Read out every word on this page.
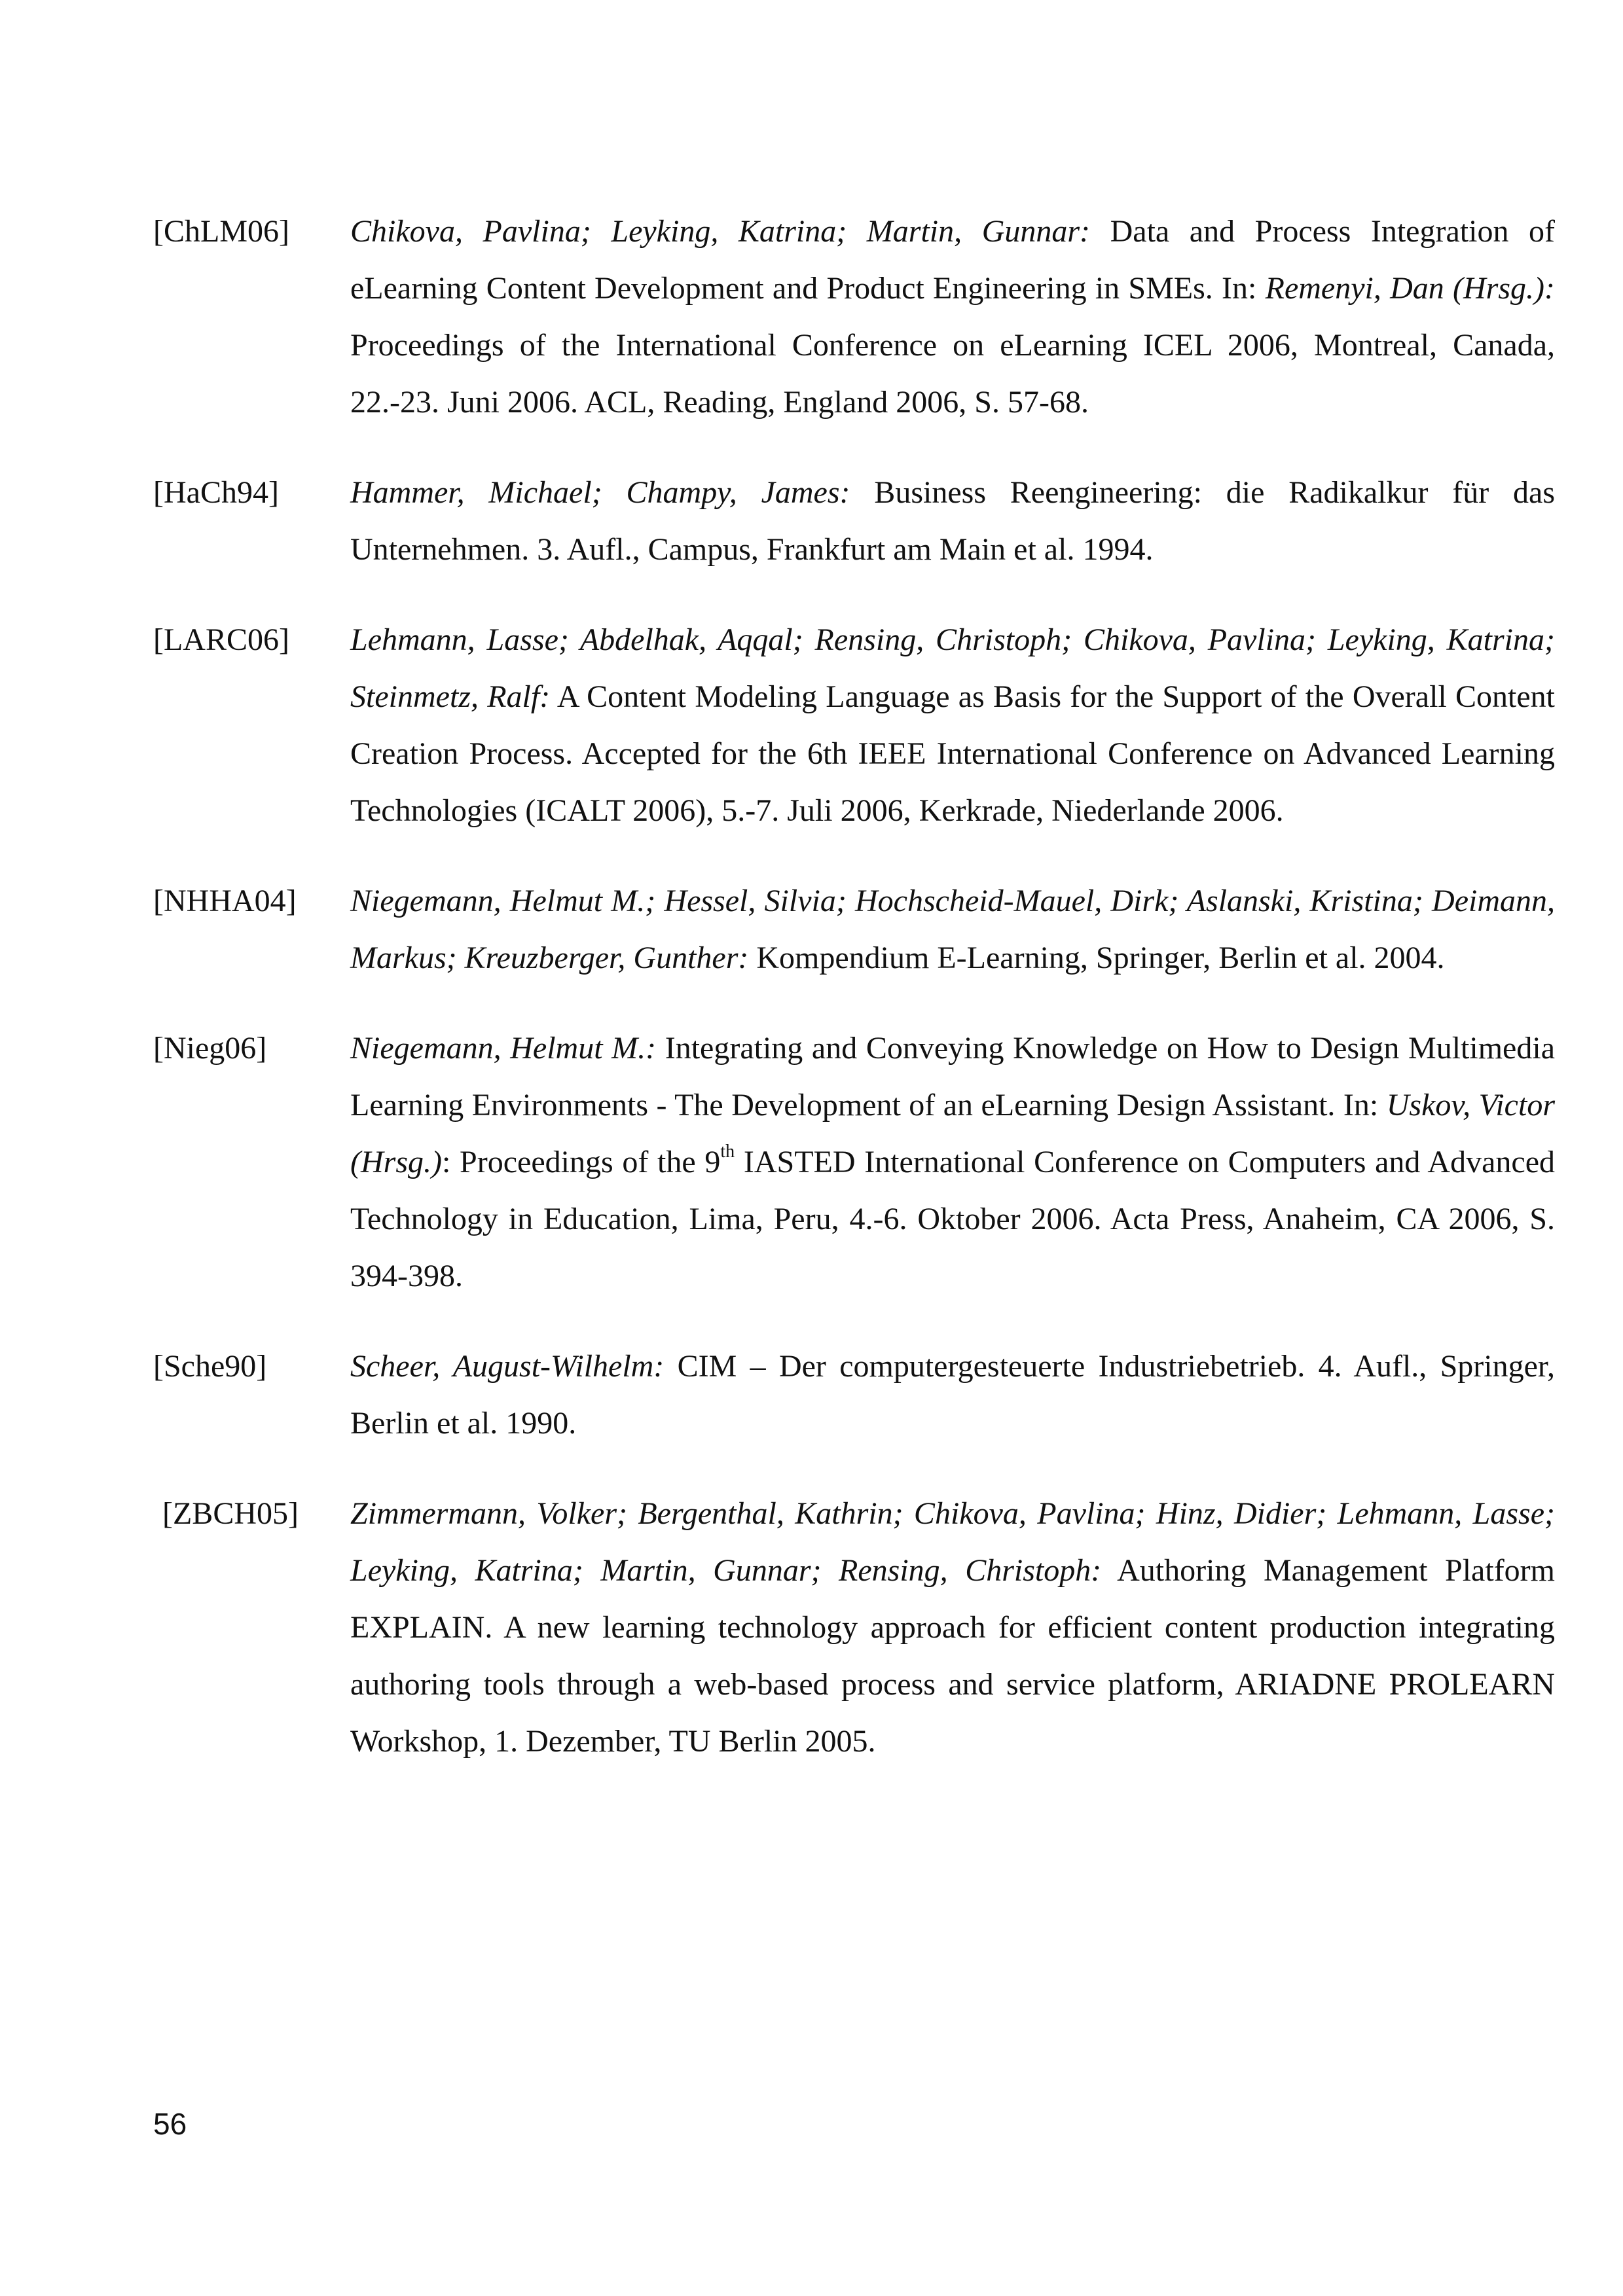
[ChLM06]	Chikova, Pavlina; Leyking, Katrina; Martin, Gunnar: Data and Process Integration of eLearning Content Development and Product Engineering in SMEs. In: Remenyi, Dan (Hrsg.): Proceedings of the International Conference on eLearning ICEL 2006, Montreal, Canada, 22.-23. Juni 2006. ACL, Reading, England 2006, S. 57-68.
[HaCh94]	Hammer, Michael; Champy, James: Business Reengineering: die Radikalkur für das Unternehmen. 3. Aufl., Campus, Frankfurt am Main et al. 1994.
[LARC06]	Lehmann, Lasse; Abdelhak, Aqqal; Rensing, Christoph; Chikova, Pavlina; Leyking, Katrina; Steinmetz, Ralf: A Content Modeling Language as Basis for the Support of the Overall Content Creation Process. Accepted for the 6th IEEE International Conference on Advanced Learning Technologies (ICALT 2006), 5.-7. Juli 2006, Kerkrade, Niederlande 2006.
[NHHA04]	Niegemann, Helmut M.; Hessel, Silvia; Hochscheid-Mauel, Dirk; Aslanski, Kristina; Deimann, Markus; Kreuzberger, Gunther: Kompendium E-Learning, Springer, Berlin et al. 2004.
[Nieg06]	Niegemann, Helmut M.: Integrating and Conveying Knowledge on How to Design Multimedia Learning Environments - The Development of an eLearning Design Assistant. In: Uskov, Victor (Hrsg.): Proceedings of the 9th IASTED International Conference on Computers and Advanced Technology in Education, Lima, Peru, 4.-6. Oktober 2006. Acta Press, Anaheim, CA 2006, S. 394-398.
[Sche90]	Scheer, August-Wilhelm: CIM – Der computergesteuerte Industriebetrieb. 4. Aufl., Springer, Berlin et al. 1990.
[ZBCH05]	Zimmermann, Volker; Bergenthal, Kathrin; Chikova, Pavlina; Hinz, Didier; Lehmann, Lasse; Leyking, Katrina; Martin, Gunnar; Rensing, Christoph: Authoring Management Platform EXPLAIN. A new learning technology approach for efficient content production integrating authoring tools through a web-based process and service platform, ARIADNE PROLEARN Workshop, 1. Dezember, TU Berlin 2005.
56
